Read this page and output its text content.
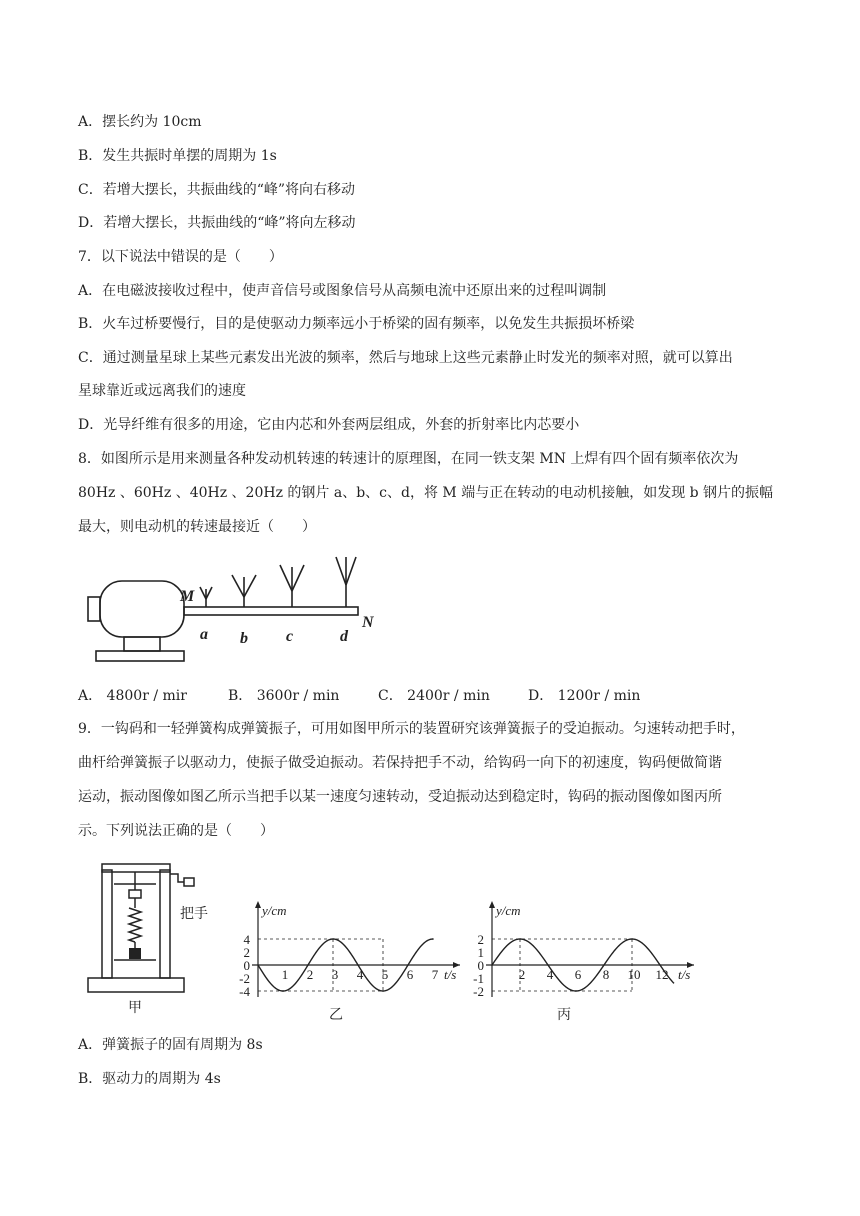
A．摆长约为 10cm
B．发生共振时单摆的周期为 1s
C．若增大摆长，共振曲线的“峰”将向右移动
D．若增大摆长，共振曲线的“峰”将向左移动
7．以下说法中错误的是（　　）
A．在电磁波接收过程中，使声音信号或图象信号从高频电流中还原出来的过程叫调制
B．火车过桥要慢行，目的是使驱动力频率远小于桥梁的固有频率，以免发生共振损坏桥梁
C．通过测量星球上某些元素发出光波的频率，然后与地球上这些元素静止时发光的频率对照，就可以算出
星球靠近或远离我们的速度
D．光导纤维有很多的用途，它由内芯和外套两层组成，外套的折射率比内芯要小
8．如图所示是用来测量各种发动机转速的转速计的原理图，在同一铁支架 MN 上焊有四个固有频率依次为
80Hz 、60Hz 、40Hz 、20Hz 的钢片 a、b、c、d，将 M 端与正在转动的电动机接触，如发现 b 钢片的振幅
最大，则电动机的转速最接近（　　）
M
N
a b c	d
A． 4800r / mir	B． 3600r / min	C． 2400r / min	D． 1200r / min
9．一钩码和一轻弹簧构成弹簧振子，可用如图甲所示的装置研究该弹簧振子的受迫振动。匀速转动把手时，
曲杆给弹簧振子以驱动力，使振子做受迫振动。若保持把手不动，给钩码一向下的初速度，钩码便做简谐
运动，振动图像如图乙所示当把手以某一速度匀速转动，受迫振动达到稳定时，钩码的振动图像如图丙所
示。下列说法正确的是（　　）
把手
甲
4
2
0
-2
-4
1 2 3 4 5 6 7
y/cm
t/s
乙
2
1
0
-1
-2
2 4 6 8 10 12
y/cm
t/s
丙
A．弹簧振子的固有周期为 8s
B．驱动力的周期为 4s
